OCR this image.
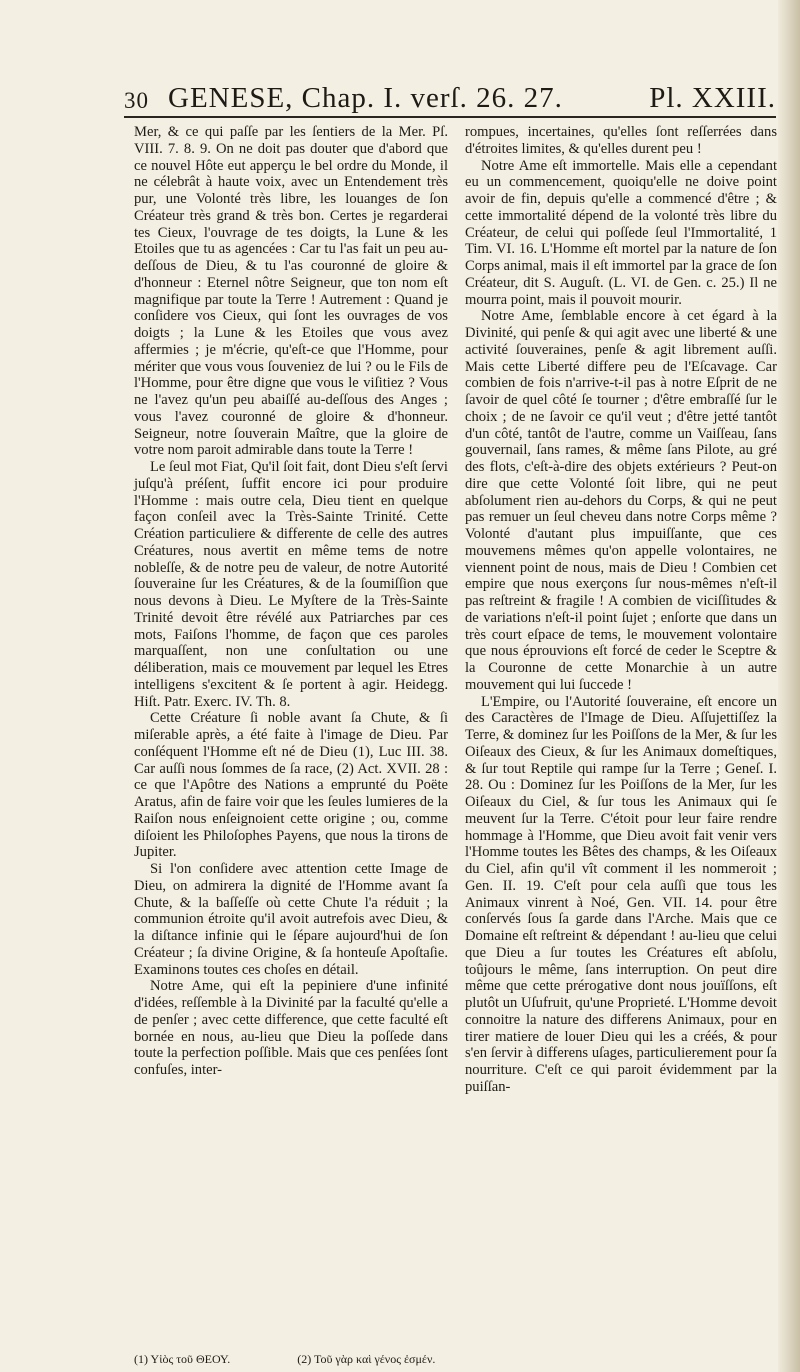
30 GENESE, Chap. I. verſ. 26. 27.	Pl. XXIII.

Mer, & ce qui paſſe par les ſentiers de la Mer. Pſ. VIII. 7. 8. 9. On ne doit pas douter que d'abord que ce nouvel Hôte eut apperçu le bel ordre du Monde, il ne célebrât à haute voix, avec un Entendement très pur, une Volonté très libre, les louanges de ſon Créateur très grand & très bon. Certes je regarderai tes Cieux, l'ouvrage de tes doigts, la Lune & les Etoiles que tu as agencées : Car tu l'as fait un peu au-deſſous de Dieu, & tu l'as couronné de gloire & d'honneur : Eternel nôtre Seigneur, que ton nom eſt magnifique par toute la Terre ! Autrement : Quand je conſidere vos Cieux, qui ſont les ouvrages de vos doigts ; la Lune & les Etoiles que vous avez affermies ; je m'écrie, qu'eſt-ce que l'Homme, pour mériter que vous vous ſouveniez de lui ? ou le Fils de l'Homme, pour être digne que vous le viſitiez ? Vous ne l'avez qu'un peu abaiſſé au-deſſous des Anges ; vous l'avez couronné de gloire & d'honneur. Seigneur, notre ſouverain Maître, que la gloire de votre nom paroit admirable dans toute la Terre !

Le ſeul mot Fiat, Qu'il ſoit fait, dont Dieu s'eſt ſervi juſqu'à préſent, ſuffit encore ici pour produire l'Homme : mais outre cela, Dieu tient en quelque façon conſeil avec la Très-Sainte Trinité. Cette Création particuliere & differente de celle des autres Créatures, nous avertit en même tems de notre nobleſſe, & de notre peu de valeur, de notre Autorité ſouveraine ſur les Créatures, & de la ſoumiſſion que nous devons à Dieu. Le Myſtere de la Très-Sainte Trinité devoit être révélé aux Patriarches par ces mots, Faiſons l'homme, de façon que ces paroles marquaſſent, non une conſultation ou une déliberation, mais ce mouvement par lequel les Etres intelligens s'excitent & ſe portent à agir. Heidegg. Hiſt. Patr. Exerc. IV. Th. 8.

Cette Créature ſi noble avant ſa Chute, & ſi miſerable après, a été faite à l'image de Dieu. Par conſéquent l'Homme eſt né de Dieu (1), Luc III. 38. Car auſſi nous ſommes de ſa race, (2) Act. XVII. 28 : ce que l'Apôtre des Nations a emprunté du Poëte Aratus, afin de faire voir que les ſeules lumieres de la Raiſon nous enſeignoient cette origine ; ou, comme diſoient les Philoſophes Payens, que nous la tirons de Jupiter.

Si l'on conſidere avec attention cette Image de Dieu, on admirera la dignité de l'Homme avant ſa Chute, & la baſſeſſe où cette Chute l'a réduit ; la communion étroite qu'il avoit autrefois avec Dieu, & la diſtance infinie qui le ſépare aujourd'hui de ſon Créateur ; ſa divine Origine, & ſa honteuſe Apoſtaſie. Examinons toutes ces choſes en détail.

Notre Ame, qui eſt la pepiniere d'une infinité d'idées, reſſemble à la Divinité par la faculté qu'elle a de penſer ; avec cette difference, que cette faculté eſt bornée en nous, au-lieu que Dieu la poſſede dans toute la perfection poſſible. Mais que ces penſées ſont confuſes, inter-

rompues, incertaines, qu'elles ſont reſſerrées dans d'étroites limites, & qu'elles durent peu !

Notre Ame eſt immortelle. Mais elle a cependant eu un commencement, quoiqu'elle ne doive point avoir de fin, depuis qu'elle a commencé d'être ; & cette immortalité dépend de la volonté très libre du Créateur, de celui qui poſſede ſeul l'Immortalité, 1 Tim. VI. 16. L'Homme eſt mortel par la nature de ſon Corps animal, mais il eſt immortel par la grace de ſon Créateur, dit S. Auguſt. (L. VI. de Gen. c. 25.) Il ne mourra point, mais il pouvoit mourir.

Notre Ame, ſemblable encore à cet égard à la Divinité, qui penſe & qui agit avec une liberté & une activité ſouveraines, penſe & agit librement auſſi. Mais cette Liberté differe peu de l'Eſcavage. Car combien de fois n'arrive-t-il pas à notre Eſprit de ne ſavoir de quel côté ſe tourner ; d'être embraſſé ſur le choix ; de ne ſavoir ce qu'il veut ; d'être jetté tantôt d'un côté, tantôt de l'autre, comme un Vaiſſeau, ſans gouvernail, ſans rames, & même ſans Pilote, au gré des flots, c'eſt-à-dire des objets extérieurs ? Peut-on dire que cette Volonté ſoit libre, qui ne peut abſolument rien au-dehors du Corps, & qui ne peut pas remuer un ſeul cheveu dans notre Corps même ? Volonté d'autant plus impuiſſante, que ces mouvemens mêmes qu'on appelle volontaires, ne viennent point de nous, mais de Dieu ! Combien cet empire que nous exerçons ſur nous-mêmes n'eſt-il pas reſtreint & fragile ! A combien de viciſſitudes & de variations n'eſt-il point ſujet ; enſorte que dans un très court eſpace de tems, le mouvement volontaire que nous éprouvions eſt forcé de ceder le Sceptre & la Couronne de cette Monarchie à un autre mouvement qui lui ſuccede !

L'Empire, ou l'Autorité ſouveraine, eſt encore un des Caractères de l'Image de Dieu. Aſſujettiſſez la Terre, & dominez ſur les Poiſſons de la Mer, & ſur les Oiſeaux des Cieux, & ſur les Animaux domeſtiques, & ſur tout Reptile qui rampe ſur la Terre ; Geneſ. I. 28. Ou : Dominez ſur les Poiſſons de la Mer, ſur les Oiſeaux du Ciel, & ſur tous les Animaux qui ſe meuvent ſur la Terre. C'étoit pour leur faire rendre hommage à l'Homme, que Dieu avoit fait venir vers l'Homme toutes les Bêtes des champs, & les Oiſeaux du Ciel, afin qu'il vît comment il les nommeroit ; Gen. II. 19. C'eſt pour cela auſſi que tous les Animaux vinrent à Noé, Gen. VII. 14. pour être conſervés ſous ſa garde dans l'Arche. Mais que ce Domaine eſt reſtreint & dépendant ! au-lieu que celui que Dieu a ſur toutes les Créatures eſt abſolu, toûjours le même, ſans interruption. On peut dire même que cette prérogative dont nous jouïſſons, eſt plutôt un Uſufruit, qu'une Proprieté. L'Homme devoit connoitre la nature des differens Animaux, pour en tirer matiere de louer Dieu qui les a créés, & pour s'en ſervir à differens uſages, particulierement pour ſa nourriture. C'eſt ce qui paroit évidemment par la puiſſan-

(1) Υἱὸς τοῦ ΘΕΟΥ.	(2) Τοῦ γὰρ καὶ γένος ἐσμέν.
